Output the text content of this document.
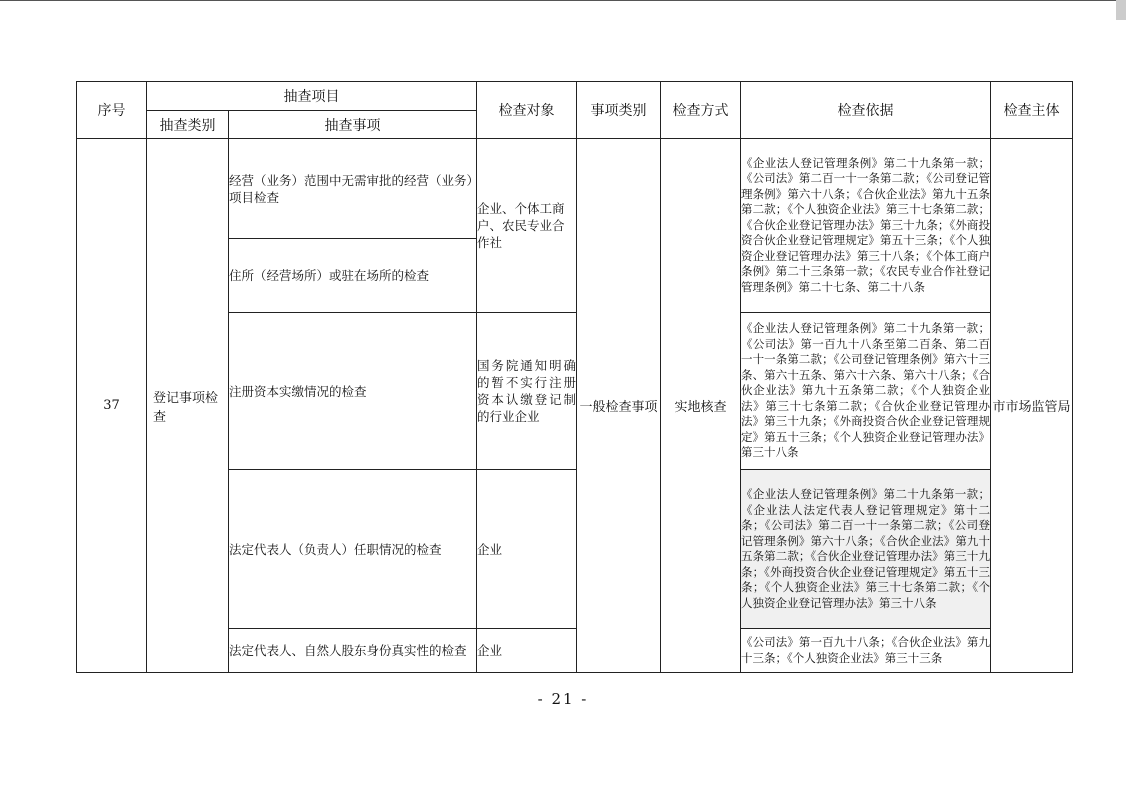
序号	抽查项目		检查对象	事项类别	检查方式	检查依据	检查主体
	抽查类别	抽查事项					
37	登记事项检查	经营（业务）范围中无需审批的经营（业务）项目检查	企业、个体工商户、农民专业合作社	一般检查事项	实地核查	《企业法人登记管理条例》第二十九条第一款；《公司法》第二百一十一条第二款；《公司登记管理条例》第六十八条；《合伙企业法》第九十五条第二款；《个人独资企业法》第三十七条第二款；《合伙企业登记管理办法》第三十九条；《外商投资合伙企业登记管理规定》第五十三条；《个人独资企业登记管理办法》第三十八条；《个体工商户条例》第二十三条第一款；《农民专业合作社登记管理条例》第二十七条、第二十八条	市市场监管局
		住所（经营场所）或驻在场所的检查					
		注册资本实缴情况的检查	国务院通知明确的暂不实行注册资本认缴登记制的行业企业			《企业法人登记管理条例》第二十九条第一款；《公司法》第一百九十八条至第二百条、第二百一十一条第二款；《公司登记管理条例》第六十三条、第六十五条、第六十六条、第六十八条；《合伙企业法》第九十五条第二款；《个人独资企业法》第三十七条第二款；《合伙企业登记管理办法》第三十九条；《外商投资合伙企业登记管理规定》第五十三条；《个人独资企业登记管理办法》第三十八条	
		法定代表人（负责人）任职情况的检查	企业			《企业法人登记管理条例》第二十九条第一款；《企业法人法定代表人登记管理规定》第十二条；《公司法》第二百一十一条第二款；《公司登记管理条例》第六十八条；《合伙企业法》第九十五条第二款；《合伙企业登记管理办法》第三十九条；《外商投资合伙企业登记管理规定》第五十三条；《个人独资企业法》第三十七条第二款；《个人独资企业登记管理办法》第三十八条	
		法定代表人、自然人股东身份真实性的检查	企业			《公司法》第一百九十八条；《合伙企业法》第九十三条；《个人独资企业法》第三十三条	
- 21 -
